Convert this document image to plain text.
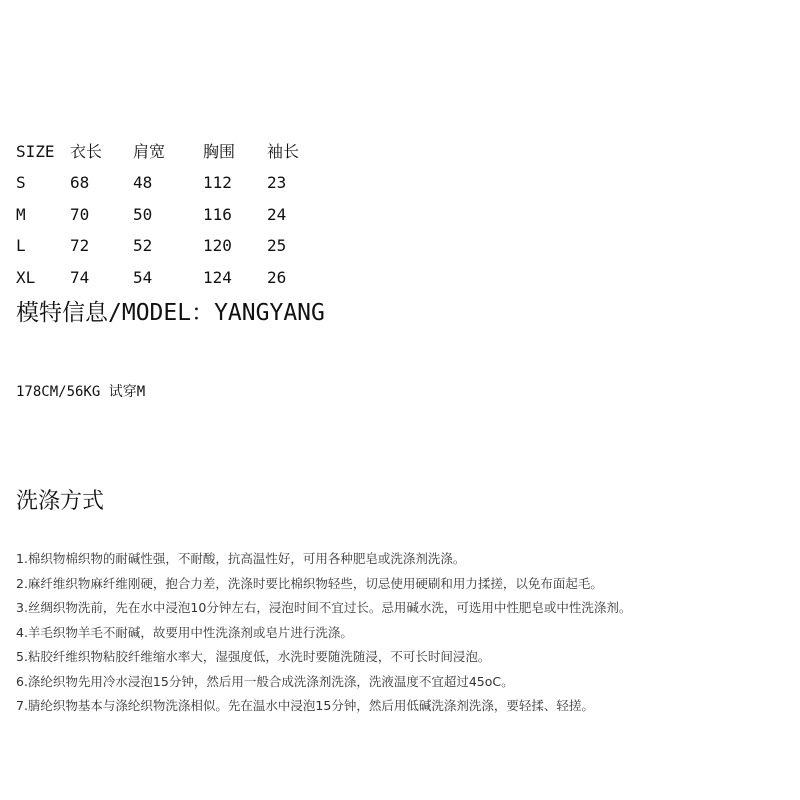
SIZE	衣长	肩宽	胸围	袖长
S	68	48	112	23
M	70	50	116	24
L	72	52	120	25
XL	74	54	124	26
模特信息/MODEL：YANGYANG
178CM/56KG 试穿M
洗涤方式
1.棉织物棉织物的耐碱性强，不耐酸，抗高温性好，可用各种肥皂或洗涤剂洗涤。
2.麻纤维织物麻纤维刚硬，抱合力差，洗涤时要比棉织物轻些，切忌使用硬刷和用力揉搓，以免布面起毛。
3.丝绸织物洗前，先在水中浸泡10分钟左右，浸泡时间不宜过长。忌用碱水洗，可选用中性肥皂或中性洗涤剂。
4.羊毛织物羊毛不耐碱，故要用中性洗涤剂或皂片进行洗涤。
5.粘胶纤维织物粘胶纤维缩水率大，湿强度低，水洗时要随洗随浸，不可长时间浸泡。
6.涤纶织物先用冷水浸泡15分钟，然后用一般合成洗涤剂洗涤，洗液温度不宜超过45oC。
7.腈纶织物基本与涤纶织物洗涤相似。先在温水中浸泡15分钟，然后用低碱洗涤剂洗涤，要轻揉、轻搓。
